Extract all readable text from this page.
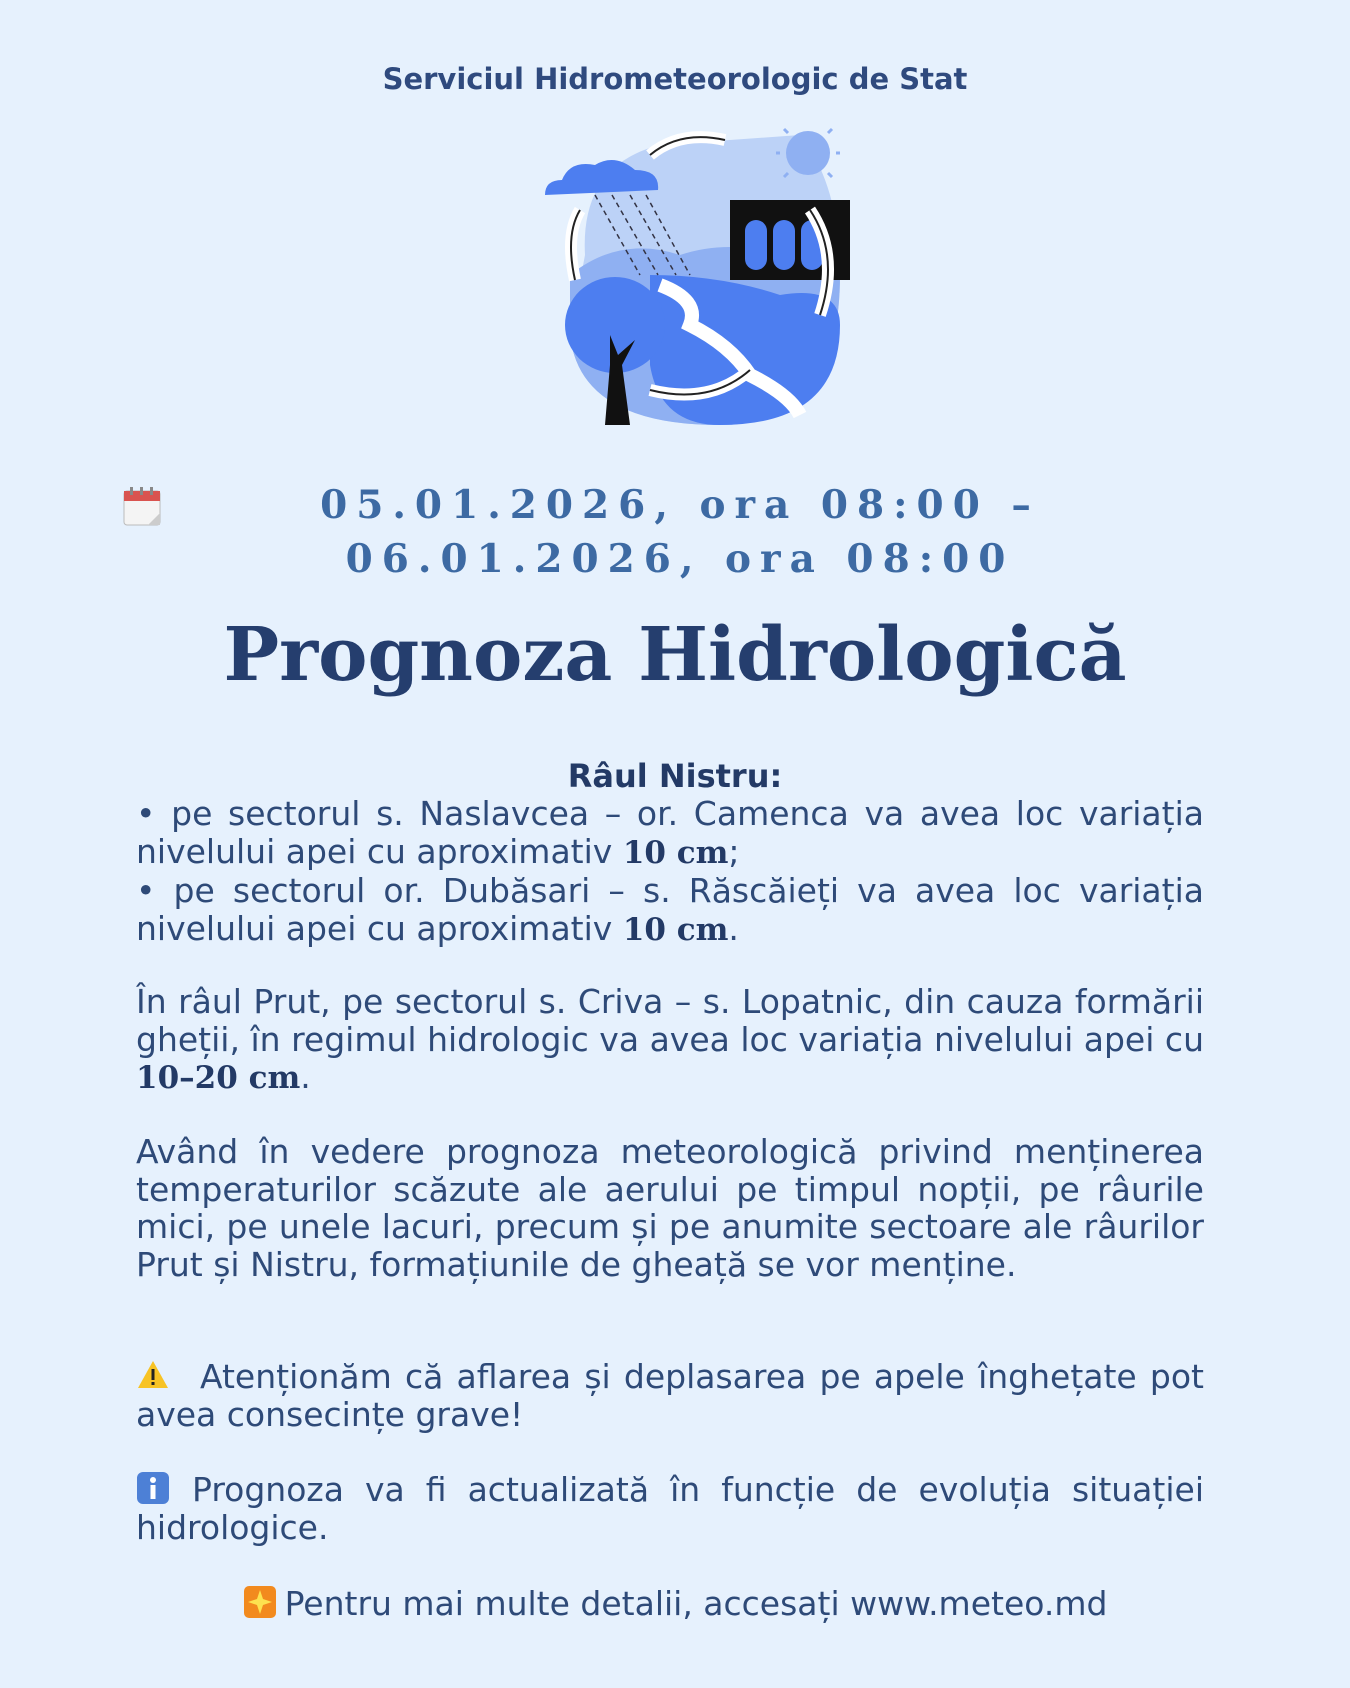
Serviciul Hidrometeorologic de Stat
05.01.2026, ora 08:00 – 06.01.2026, ora 08:00
Prognoza Hidrologică
Râul Nistru:
• pe sectorul s. Naslavcea – or. Camenca va avea loc variația nivelului apei cu aproximativ 10 cm;
• pe sectorul or. Dubăsari – s. Răscăieți va avea loc variația nivelului apei cu aproximativ 10 cm.
În râul Prut, pe sectorul s. Criva – s. Lopatnic, din cauza formării gheții, în regimul hidrologic va avea loc variația nivelului apei cu 10–20 cm.
Având în vedere prognoza meteorologică privind menținerea temperaturilor scăzute ale aerului pe timpul nopții, pe râurile mici, pe unele lacuri, precum și pe anumite sectoare ale râurilor Prut și Nistru, formațiunile de gheață se vor menține.
Atenționăm că aflarea și deplasarea pe apele înghețate pot avea consecințe grave!
Prognoza va fi actualizată în funcție de evoluția situației hidrologice.
Pentru mai multe detalii, accesați www.meteo.md
